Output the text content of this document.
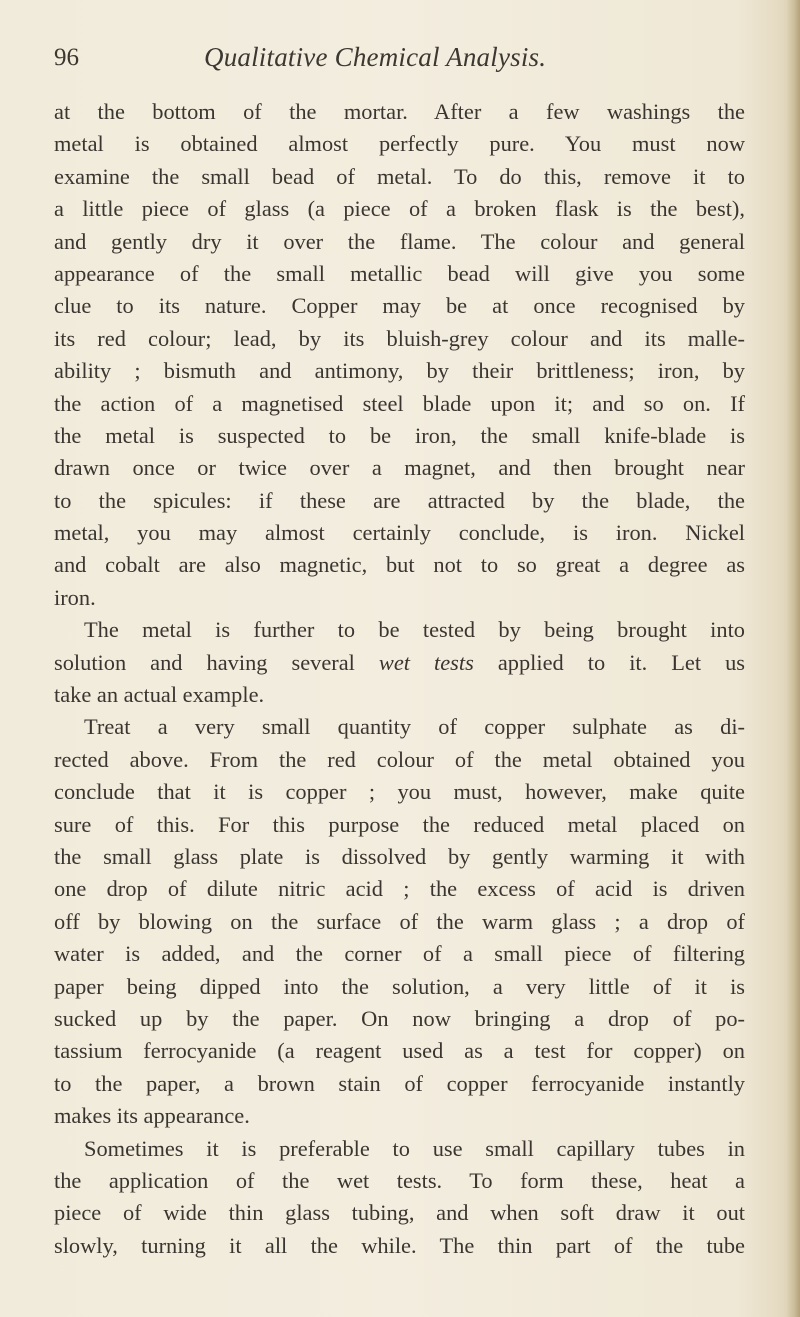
96	Qualitative Chemical Analysis.
at the bottom of the mortar. After a few washings the
metal is obtained almost perfectly pure. You must now
examine the small bead of metal. To do this, remove it to
a little piece of glass (a piece of a broken flask is the best),
and gently dry it over the flame. The colour and general
appearance of the small metallic bead will give you some
clue to its nature. Copper may be at once recognised by
its red colour; lead, by its bluish-grey colour and its malle-
ability ; bismuth and antimony, by their brittleness; iron, by
the action of a magnetised steel blade upon it; and so on. If
the metal is suspected to be iron, the small knife-blade is
drawn once or twice over a magnet, and then brought near
to the spicules: if these are attracted by the blade, the
metal, you may almost certainly conclude, is iron. Nickel
and cobalt are also magnetic, but not to so great a degree as
iron.
The metal is further to be tested by being brought into
solution and having several wet tests applied to it. Let us
take an actual example.
Treat a very small quantity of copper sulphate as di-
rected above. From the red colour of the metal obtained you
conclude that it is copper ; you must, however, make quite
sure of this. For this purpose the reduced metal placed on
the small glass plate is dissolved by gently warming it with
one drop of dilute nitric acid ; the excess of acid is driven
off by blowing on the surface of the warm glass ; a drop of
water is added, and the corner of a small piece of filtering
paper being dipped into the solution, a very little of it is
sucked up by the paper. On now bringing a drop of po-
tassium ferrocyanide (a reagent used as a test for copper) on
to the paper, a brown stain of copper ferrocyanide instantly
makes its appearance.
Sometimes it is preferable to use small capillary tubes in
the application of the wet tests. To form these, heat a
piece of wide thin glass tubing, and when soft draw it out
slowly, turning it all the while. The thin part of the tube
